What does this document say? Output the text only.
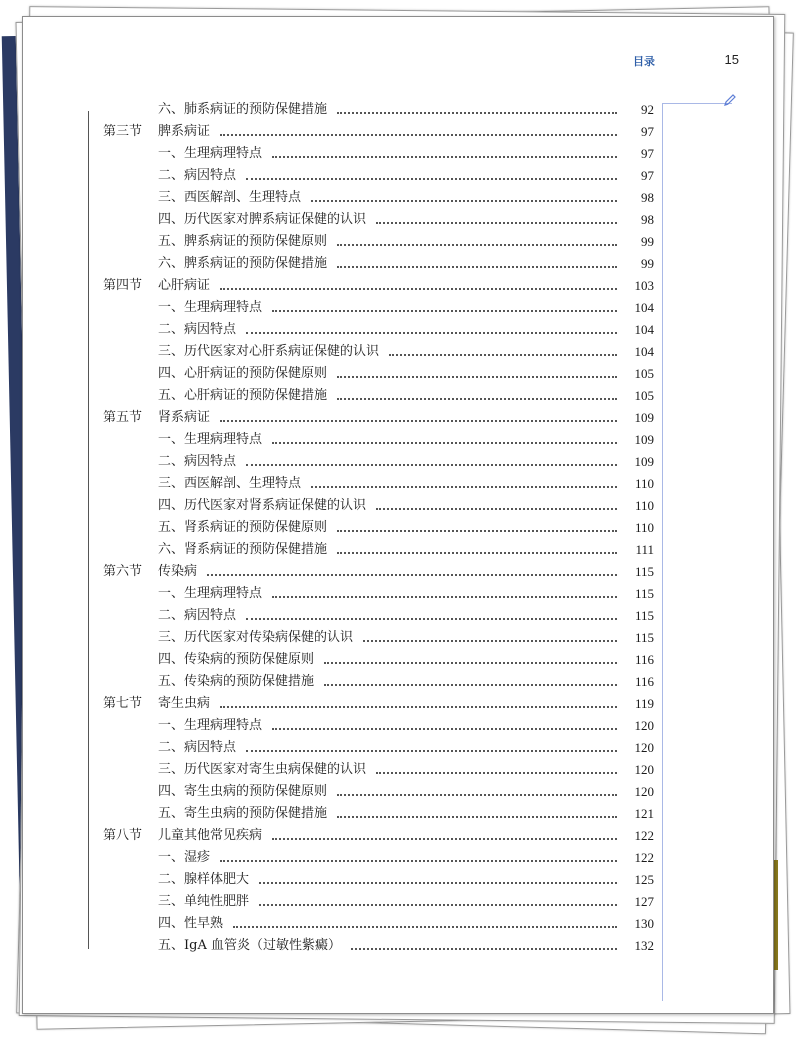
目录	15
六、肺系病证的预防保健措施	92
第三节 脾系病证	97
一、生理病理特点	97
二、病因特点	97
三、西医解剖、生理特点	98
四、历代医家对脾系病证保健的认识	98
五、脾系病证的预防保健原则	99
六、脾系病证的预防保健措施	99
第四节 心肝病证	103
一、生理病理特点	104
二、病因特点	104
三、历代医家对心肝系病证保健的认识	104
四、心肝病证的预防保健原则	105
五、心肝病证的预防保健措施	105
第五节 肾系病证	109
一、生理病理特点	109
二、病因特点	109
三、西医解剖、生理特点	110
四、历代医家对肾系病证保健的认识	110
五、肾系病证的预防保健原则	110
六、肾系病证的预防保健措施	111
第六节 传染病	115
一、生理病理特点	115
二、病因特点	115
三、历代医家对传染病保健的认识	115
四、传染病的预防保健原则	116
五、传染病的预防保健措施	116
第七节 寄生虫病	119
一、生理病理特点	120
二、病因特点	120
三、历代医家对寄生虫病保健的认识	120
四、寄生虫病的预防保健原则	120
五、寄生虫病的预防保健措施	121
第八节 儿童其他常见疾病	122
一、湿疹	122
二、腺样体肥大	125
三、单纯性肥胖	127
四、性早熟	130
五、IgA 血管炎（过敏性紫癜）	132
